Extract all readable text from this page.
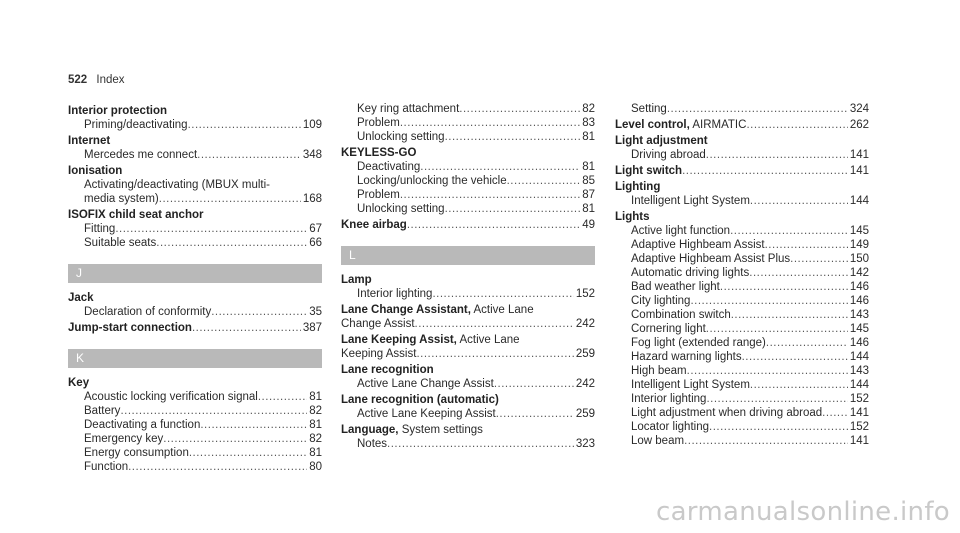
522 Index
Interior protection
Priming/deactivating .....	109
Internet
Mercedes me connect .....	348
Ionisation
Activating/deactivating (MBUX multi-
media system) .....	168
ISOFIX child seat anchor
Fitting .....	67
Suitable seats .....	66
J
Jack
Declaration of conformity .....	35
Jump-start connection .....	387
K
Key
Acoustic locking verification signal .....	81
Battery .....	82
Deactivating a function .....	81
Emergency key .....	82
Energy consumption .....	81
Function .....	80
Key ring attachment .....	82
Problem .....	83
Unlocking setting .....	81
KEYLESS-GO
Deactivating .....	81
Locking/unlocking the vehicle .....	85
Problem .....	87
Unlocking setting .....	81
Knee airbag .....	49
L
Lamp
Interior lighting .....	152
Lane Change Assistant, Active Lane
Change Assist .....	242
Lane Keeping Assist, Active Lane
Keeping Assist .....	259
Lane recognition
Active Lane Change Assist .....	242
Lane recognition (automatic)
Active Lane Keeping Assist .....	259
Language, System settings
Notes .....	323
Setting .....	324
Level control, AIRMATIC .....	262
Light adjustment
Driving abroad .....	141
Light switch .....	141
Lighting
Intelligent Light System .....	144
Lights
Active light function .....	145
Adaptive Highbeam Assist .....	149
Adaptive Highbeam Assist Plus .....	150
Automatic driving lights .....	142
Bad weather light .....	146
City lighting .....	146
Combination switch .....	143
Cornering light .....	145
Fog light (extended range) .....	146
Hazard warning lights .....	144
High beam .....	143
Intelligent Light System .....	144
Interior lighting .....	152
Light adjustment when driving abroad ..... 141
Locator lighting .....	152
Low beam .....	141
carmanualsonline.info
